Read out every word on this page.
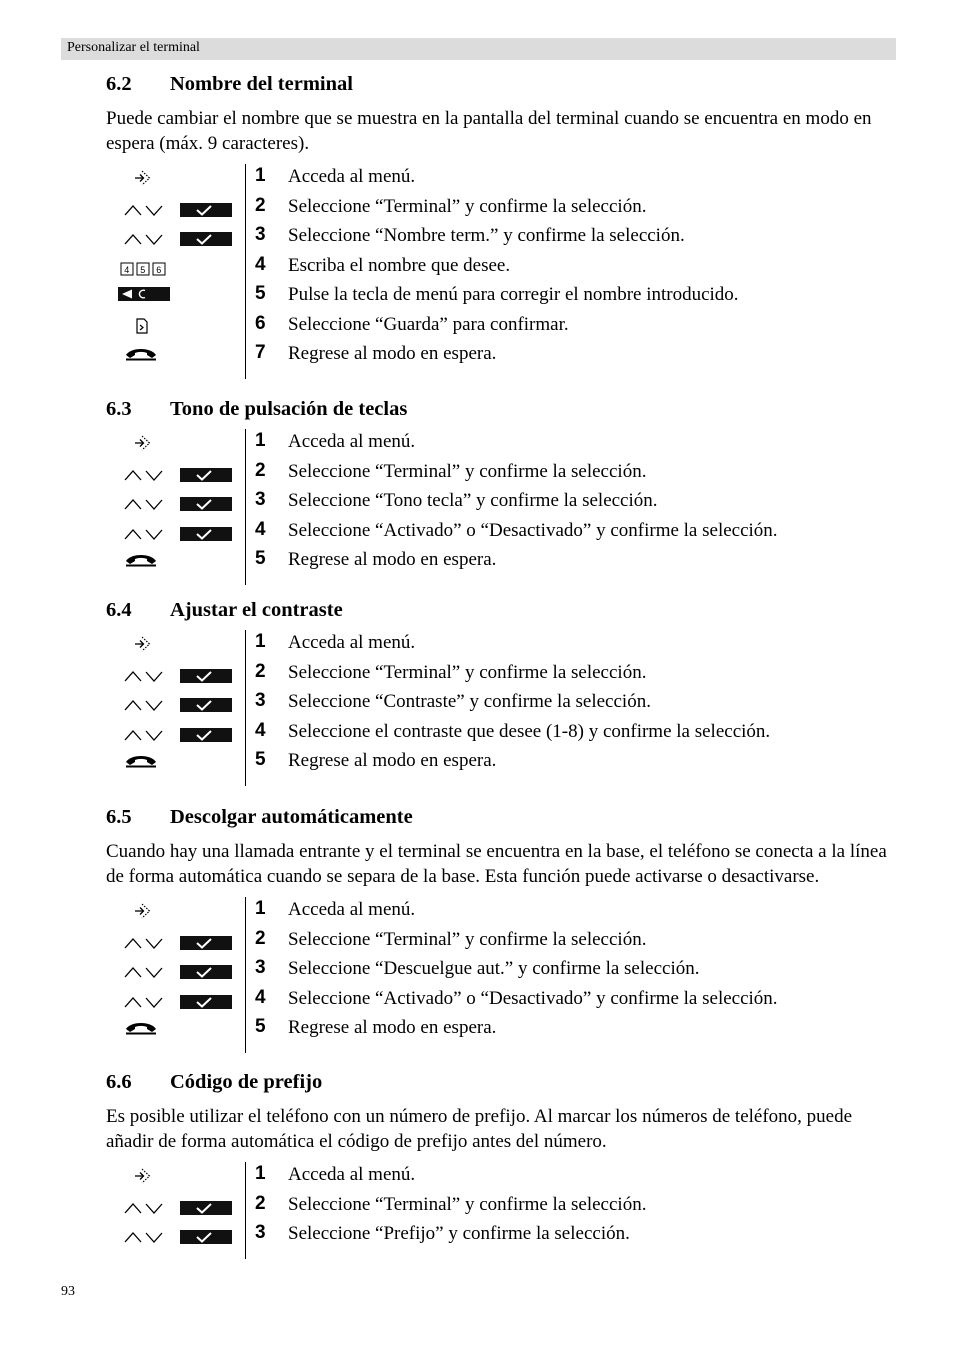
Personalizar el terminal
6.2	Nombre del terminal
Puede cambiar el nombre que se muestra en la pantalla del terminal cuando se encuentra en modo en espera (máx. 9 caracteres).
1 Acceda al menú.
2 Seleccione “Terminal” y confirme la selección.
3 Seleccione “Nombre term.” y confirme la selección.
4 5 6	4 Escriba el nombre que desee.
5 Pulse la tecla de menú para corregir el nombre introducido.
6 Seleccione “Guarda” para confirmar.
7 Regrese al modo en espera.
6.3	Tono de pulsación de teclas
1 Acceda al menú.
2 Seleccione “Terminal” y confirme la selección.
3 Seleccione “Tono tecla” y confirme la selección.
4 Seleccione “Activado” o “Desactivado” y confirme la selección.
5 Regrese al modo en espera.
6.4	Ajustar el contraste
1 Acceda al menú.
2 Seleccione “Terminal” y confirme la selección.
3 Seleccione “Contraste” y confirme la selección.
4 Seleccione el contraste que desee (1-8) y confirme la selección.
5 Regrese al modo en espera.
6.5	Descolgar automáticamente
Cuando hay una llamada entrante y el terminal se encuentra en la base, el teléfono se conecta a la línea de forma automática cuando se separa de la base. Esta función puede activarse o desactivarse.
1 Acceda al menú.
2 Seleccione “Terminal” y confirme la selección.
3 Seleccione “Descuelgue aut.” y confirme la selección.
4 Seleccione “Activado” o “Desactivado” y confirme la selección.
5 Regrese al modo en espera.
6.6	Código de prefijo
Es posible utilizar el teléfono con un número de prefijo. Al marcar los números de teléfono, puede añadir de forma automática el código de prefijo antes del número.
1 Acceda al menú.
2 Seleccione “Terminal” y confirme la selección.
3 Seleccione “Prefijo” y confirme la selección.
93
